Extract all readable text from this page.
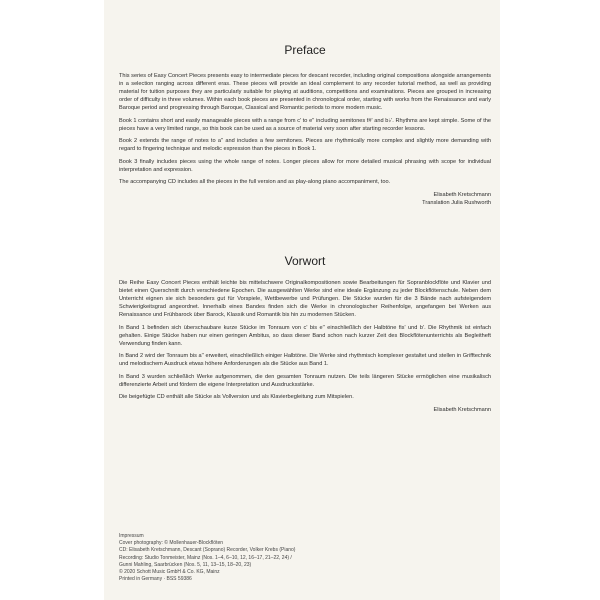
Preface

This series of Easy Concert Pieces presents easy to intermediate pieces for descant recorder, including original compositions alongside arrangements in a selection ranging across different eras. These pieces will provide an ideal complement to any recorder tutorial method, as well as providing material for tuition purposes they are particularly suitable for playing at auditions, competitions and examinations. Pieces are grouped in increasing order of difficulty in three volumes. Within each book pieces are presented in chronological order, starting with works from the Renaissance and early Baroque period and progressing through Baroque, Classical and Romantic periods to more modern music.

Book 1 contains short and easily manageable pieces with a range from c' to e'' including semitones f#' and b♭'. Rhythms are kept simple. Some of the pieces have a very limited range, so this book can be used as a source of material very soon after starting recorder lessons.

Book 2 extends the range of notes to a'' and includes a few semitones. Pieces are rhythmically more complex and slightly more demanding with regard to fingering technique and melodic expression than the pieces in Book 1.

Book 3 finally includes pieces using the whole range of notes. Longer pieces allow for more detailed musical phrasing with scope for individual interpretation and expression.

The accompanying CD includes all the pieces in the full version and as play-along piano accompaniment, too.

Elisabeth Kretschmann
Translation Julia Rushworth
Vorwort

Die Reihe Easy Concert Pieces enthält leichte bis mittelschwere Originalkompositionen sowie Bearbeitungen für Sopranblockflöte und Klavier und bietet einen Querschnitt durch verschiedene Epochen. Die ausgewählten Werke sind eine ideale Ergänzung zu jeder Blockflötenschule. Neben dem Unterricht eignen sie sich besonders gut für Vorspiele, Wettbewerbe und Prüfungen. Die Stücke wurden für die 3 Bände nach aufsteigendem Schwierigkeitsgrad angeordnet. Innerhalb eines Bandes finden sich die Werke in chronologischer Reihenfolge, angefangen bei Werken aus Renaissance und Frühbarock über Barock, Klassik und Romantik bis hin zu modernen Stücken.

In Band 1 befinden sich überschaubare kurze Stücke im Tonraum von c' bis e'' einschließlich der Halbtöne fis' und b'. Die Rhythmik ist einfach gehalten. Einige Stücke haben nur einen geringen Ambitus, so dass dieser Band schon nach kurzer Zeit des Blockflötenunterrichts als Begleitheft Verwendung finden kann.

In Band 2 wird der Tonraum bis a'' erweitert, einschließlich einiger Halbtöne. Die Werke sind rhythmisch komplexer gestaltet und stellen in Grifftechnik und melodischem Ausdruck etwas höhere Anforderungen als die Stücke aus Band 1.

In Band 3 wurden schließlich Werke aufgenommen, die den gesamten Tonraum nutzen. Die teils längeren Stücke ermöglichen eine musikalisch differenzierte Arbeit und fördern die eigene Interpretation und Ausdrucksstärke.

Die beigefügte CD enthält alle Stücke als Vollversion und als Klavierbegleitung zum Mitspielen.

Elisabeth Kretschmann
Impressum
Cover photography: © Mollenhauer-Blockflöten
CD: Elisabeth Kretschmann, Descant (Soprano) Recorder, Volker Krebs (Piano)
Recording: Studio Tonmeister, Mainz (Nos. 1–4, 6–10, 12, 16–17, 21–22, 24) /
Gunni Mahling, Saarbrücken (Nos. 5, 11, 13–15, 18–20, 23)
© 2020 Schott Music GmbH & Co. KG, Mainz
Printed in Germany · BSS 59386
